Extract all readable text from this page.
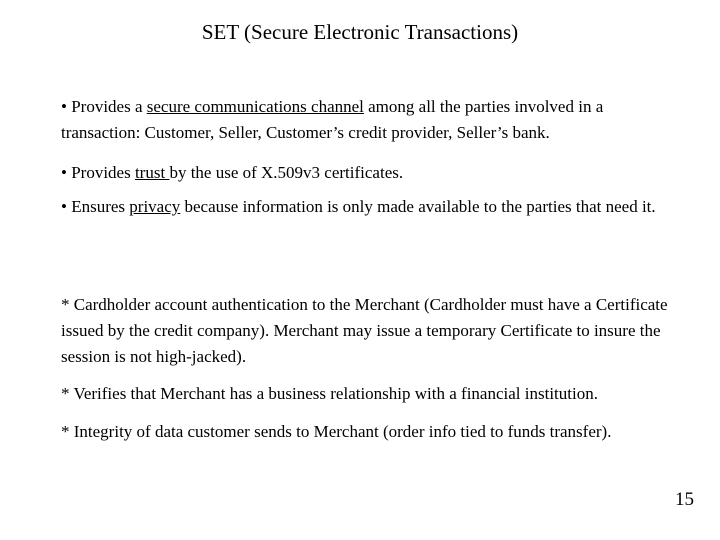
SET (Secure Electronic Transactions)
• Provides a secure communications channel among all the parties involved in a transaction: Customer, Seller, Customer’s credit provider, Seller’s bank.
• Provides trust by the use of X.509v3 certificates.
• Ensures privacy because information is only made available to the parties that need it.
* Cardholder account authentication to the Merchant (Cardholder must have a Certificate issued by the credit company). Merchant may issue a temporary Certificate to insure the session is not high-jacked).
* Verifies that Merchant has a business relationship with a financial institution.
* Integrity of data customer sends to Merchant (order info tied to funds transfer).
15
